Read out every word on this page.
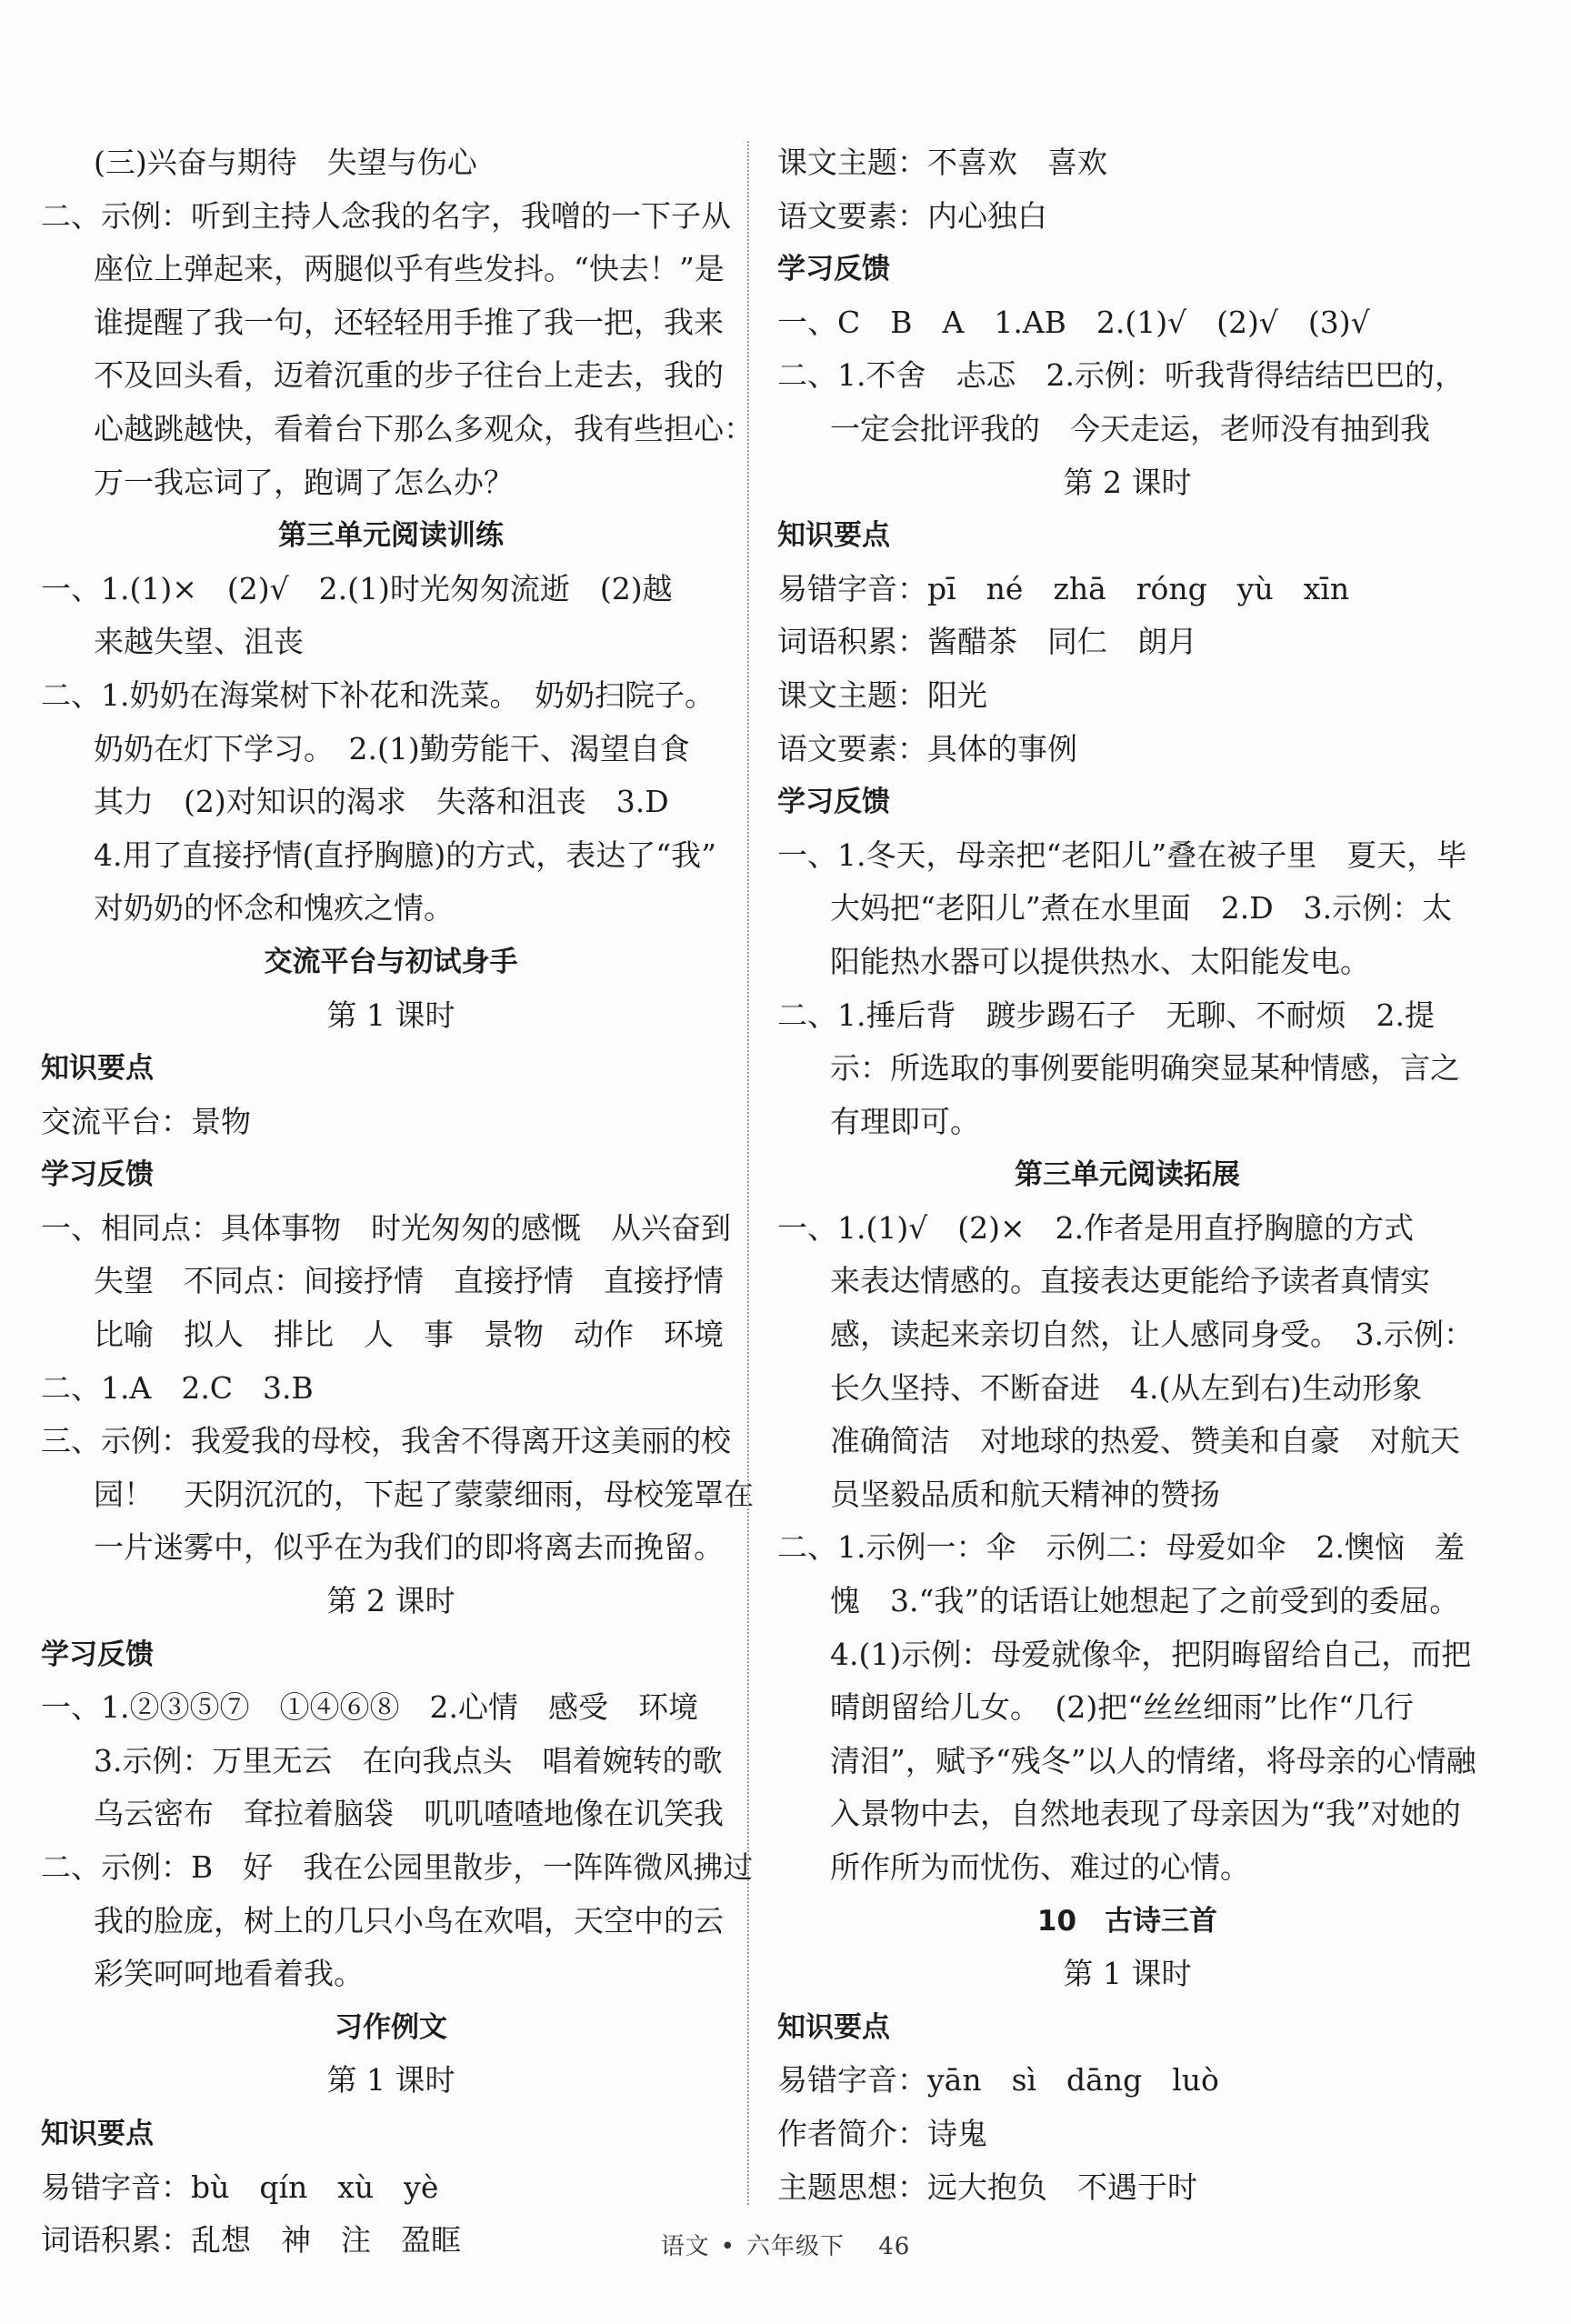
(三)兴奋与期待　失望与伤心
二、示例：听到主持人念我的名字，我噌的一下子从
座位上弹起来，两腿似乎有些发抖。“快去！”是
谁提醒了我一句，还轻轻用手推了我一把，我来
不及回头看，迈着沉重的步子往台上走去，我的
心越跳越快，看着台下那么多观众，我有些担心：
万一我忘词了，跑调了怎么办？
第三单元阅读训练
一、1.(1)×　(2)√　2.(1)时光匆匆流逝　(2)越
来越失望、沮丧
二、1.奶奶在海棠树下补花和洗菜。　奶奶扫院子。
奶奶在灯下学习。　2.(1)勤劳能干、渴望自食
其力　(2)对知识的渴求　失落和沮丧　3.D
4.用了直接抒情(直抒胸臆)的方式，表达了“我”
对奶奶的怀念和愧疚之情。
交流平台与初试身手
第 1 课时
知识要点
交流平台：景物
学习反馈
一、相同点：具体事物　时光匆匆的感慨　从兴奋到
失望　不同点：间接抒情　直接抒情　直接抒情
比喻　拟人　排比　人　事　景物　动作　环境
二、1.A　2.C　3.B
三、示例：我爱我的母校，我舍不得离开这美丽的校
园！　天阴沉沉的，下起了蒙蒙细雨，母校笼罩在
一片迷雾中，似乎在为我们的即将离去而挽留。
第 2 课时
学习反馈
一、1.②③⑤⑦　①④⑥⑧　2.心情　感受　环境
3.示例：万里无云　在向我点头　唱着婉转的歌
乌云密布　耷拉着脑袋　叽叽喳喳地像在讥笑我
二、示例：B　好　我在公园里散步，一阵阵微风拂过
我的脸庞，树上的几只小鸟在欢唱，天空中的云
彩笑呵呵地看着我。
习作例文
第 1 课时
知识要点
易错字音：bù　qín　xù　yè
词语积累：乱想　神　注　盈眶
课文主题：不喜欢　喜欢
语文要素：内心独白
学习反馈
一、C　B　A　1.AB　2.(1)√　(2)√　(3)√
二、1.不舍　忐忑　2.示例：听我背得结结巴巴的，
一定会批评我的　今天走运，老师没有抽到我
第 2 课时
知识要点
易错字音：pī　né　zhā　róng　yù　xīn
词语积累：酱醋茶　同仁　朗月
课文主题：阳光
语文要素：具体的事例
学习反馈
一、1.冬天，母亲把“老阳儿”叠在被子里　夏天，毕
大妈把“老阳儿”煮在水里面　2.D　3.示例：太
阳能热水器可以提供热水、太阳能发电。
二、1.捶后背　踱步踢石子　无聊、不耐烦　2.提
示：所选取的事例要能明确突显某种情感，言之
有理即可。
第三单元阅读拓展
一、1.(1)√　(2)×　2.作者是用直抒胸臆的方式
来表达情感的。直接表达更能给予读者真情实
感，读起来亲切自然，让人感同身受。　3.示例：
长久坚持、不断奋进　4.(从左到右)生动形象
准确简洁　对地球的热爱、赞美和自豪　对航天
员坚毅品质和航天精神的赞扬
二、1.示例一：伞　示例二：母爱如伞　2.懊恼　羞
愧　3.“我”的话语让她想起了之前受到的委屈。
4.(1)示例：母爱就像伞，把阴晦留给自己，而把
晴朗留给儿女。　(2)把“丝丝细雨”比作“几行
清泪”，赋予“残冬”以人的情绪，将母亲的心情融
入景物中去，自然地表现了母亲因为“我”对她的
所作所为而忧伤、难过的心情。
10　古诗三首
第 1 课时
知识要点
易错字音：yān　sì　dāng　luò
作者简介：诗鬼
主题思想：远大抱负　不遇于时
语文 • 六年级下 46
